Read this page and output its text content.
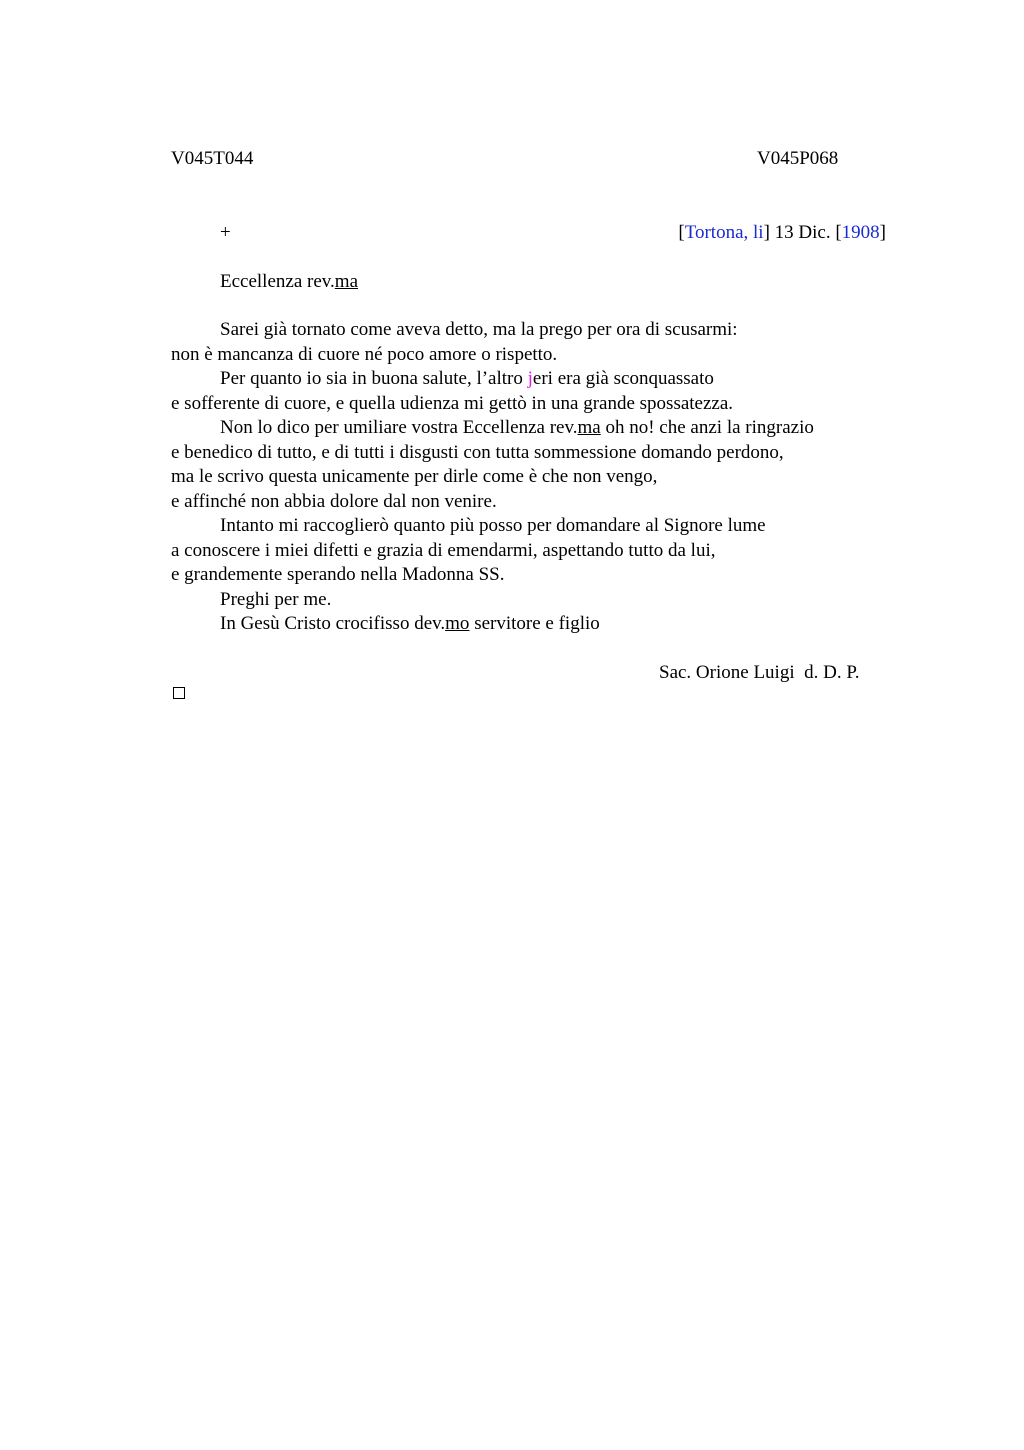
V045T044	V045P068
+	[Tortona, li] 13 Dic. [1908]
Eccellenza rev.ma
Sarei già tornato come aveva detto, ma la prego per ora di scusarmi:
non è mancanza di cuore né poco amore o rispetto.
Per quanto io sia in buona salute, l’altro jeri era già sconquassato
e sofferente di cuore, e quella udienza mi gettò in una grande spossatezza.
Non lo dico per umiliare vostra Eccellenza rev.ma oh no! che anzi la ringrazio
e benedico di tutto, e di tutti i disgusti con tutta sommessione domando perdono,
ma le scrivo questa unicamente per dirle come è che non vengo,
e affinché non abbia dolore dal non venire.
Intanto mi raccoglierò quanto più posso per domandare al Signore lume
a conoscere i miei difetti e grazia di emendarmi, aspettando tutto da lui,
e grandemente sperando nella Madonna SS.
Preghi per me.
In Gesù Cristo crocifisso dev.mo servitore e figlio
Sac. Orione Luigi  d. D. P.
